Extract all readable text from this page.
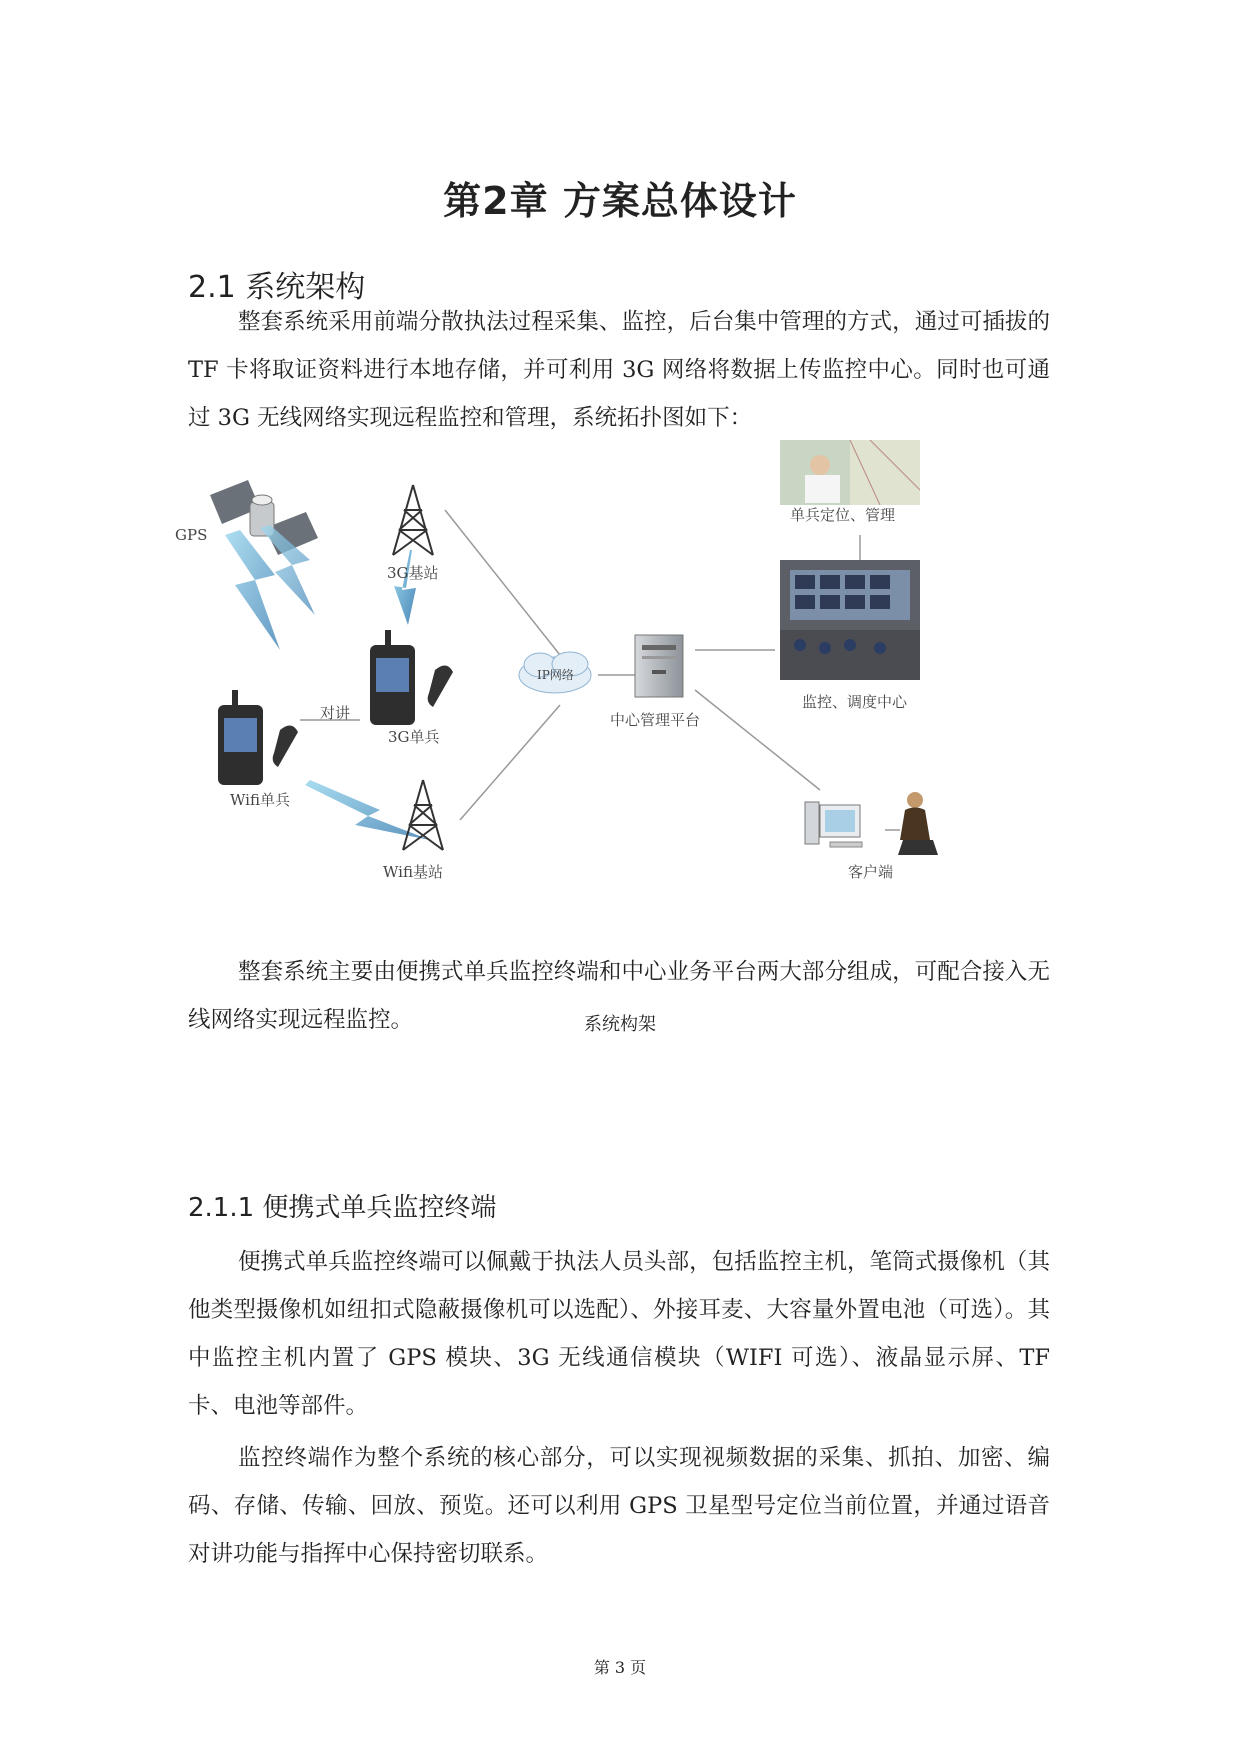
第2章 方案总体设计
2.1 系统架构
整套系统采用前端分散执法过程采集、监控，后台集中管理的方式，通过可插拔的 TF 卡将取证资料进行本地存储，并可利用 3G 网络将数据上传监控中心。同时也可通过 3G 无线网络实现远程监控和管理，系统拓扑图如下：
GPS
3G基站
3G单兵
对讲
Wifi单兵
Wifi基站
IP网络
中心管理平台
单兵定位、管理
监控、调度中心
客户端
系统构架
整套系统主要由便携式单兵监控终端和中心业务平台两大部分组成，可配合接入无线网络实现远程监控。
2.1.1 便携式单兵监控终端
便携式单兵监控终端可以佩戴于执法人员头部，包括监控主机，笔筒式摄像机（其他类型摄像机如纽扣式隐蔽摄像机可以选配）、外接耳麦、大容量外置电池（可选）。其中监控主机内置了 GPS 模块、3G 无线通信模块（WIFI 可选）、液晶显示屏、TF 卡、电池等部件。
监控终端作为整个系统的核心部分，可以实现视频数据的采集、抓拍、加密、编码、存储、传输、回放、预览。还可以利用 GPS 卫星型号定位当前位置，并通过语音对讲功能与指挥中心保持密切联系。
第 3 页
